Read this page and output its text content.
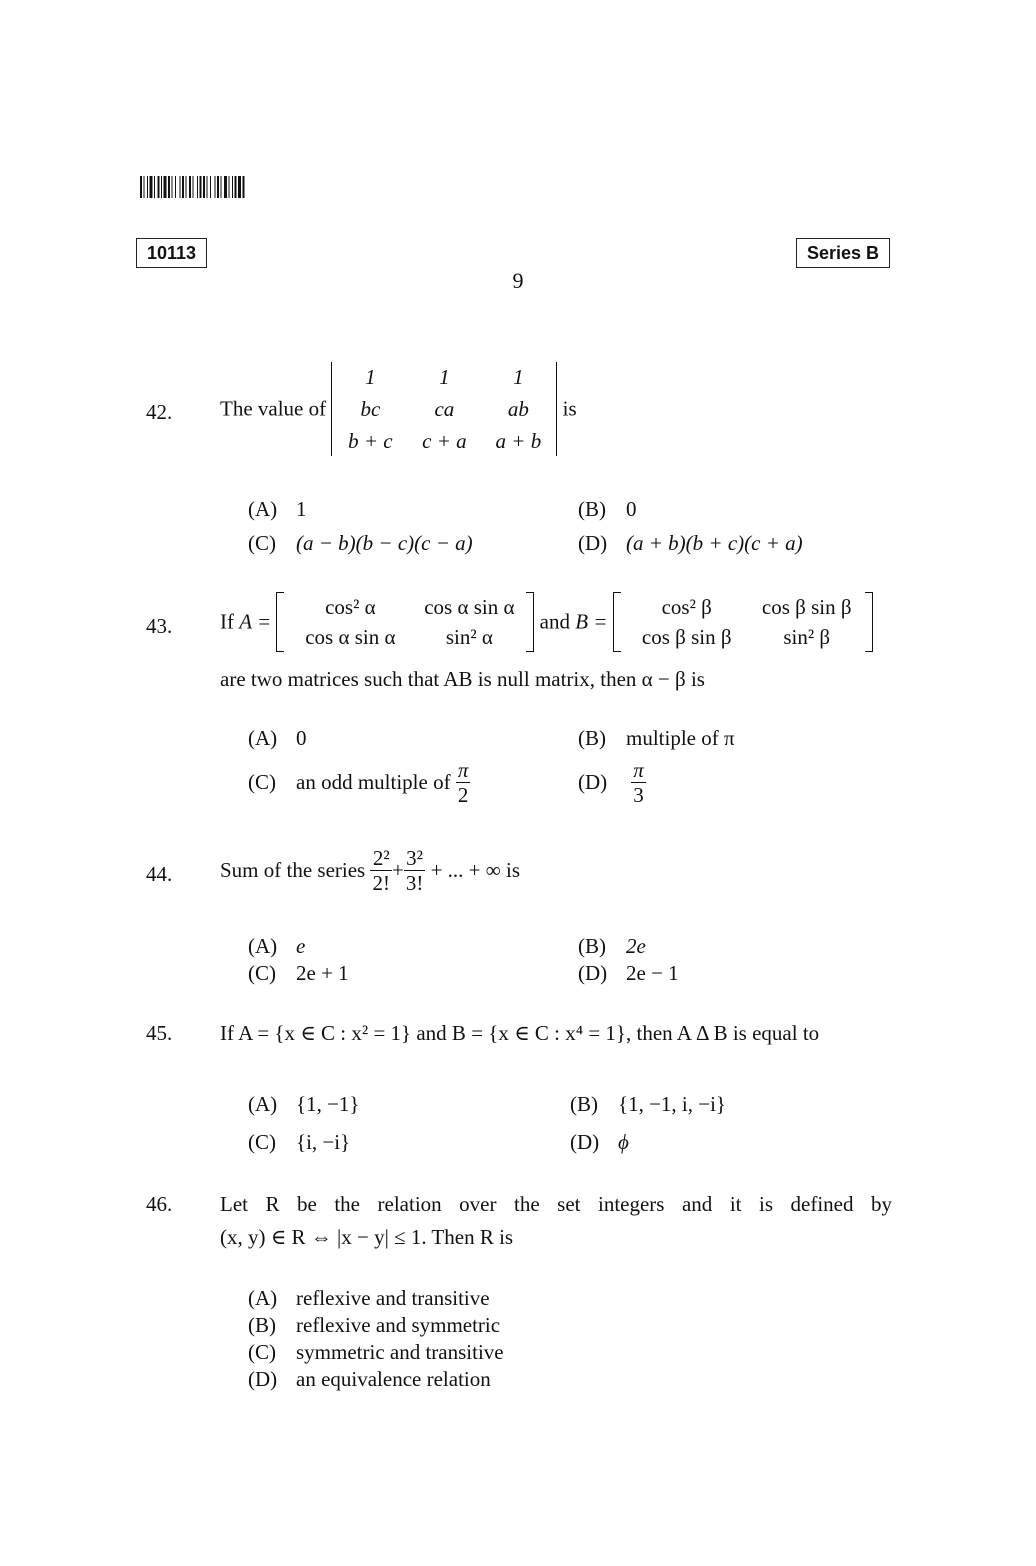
10113	Series B
9
42. The value of
1	1	1
bc	ca	ab
b + c	c + a	a + b
is
(A) 1	(B) 0
(C) (a − b)(b − c)(c − a)	(D) (a + b)(b + c)(c + a)
43. If A =
cos² α	cos α sin α
cos α sin α	sin² α
and B =
cos² β	cos β sin β
cos β sin β	sin² β
are two matrices such that AB is null matrix, then α − β is
(A) 0	(B) multiple of π
(C) an odd multiple of $\frac{\pi}{2}$	$(D) \frac{\pi}{3}$
44. Sum of the series $\frac{\text{2²}}{2!} + \frac{\text{3²}}{3!}$ + ... + ∞ is
(A) e	(B) 2e
(C) 2e + 1	(D) 2e − 1
45. If A = {x ∈ C : x² = 1} and B = {x ∈ C : x⁴ = 1}, then A Δ B is equal to
(A) {1, −1}	(B) {1, −1, i, −i}
(C) {i, −i}	(D) ϕ
46. Let R be the relation over the set integers and it is defined by
(x, y) ∈ R ⇔ |x − y| ≤ 1. Then R is
(A) reflexive and transitive
(B) reflexive and symmetric
(C) symmetric and transitive
(D) an equivalence relation
